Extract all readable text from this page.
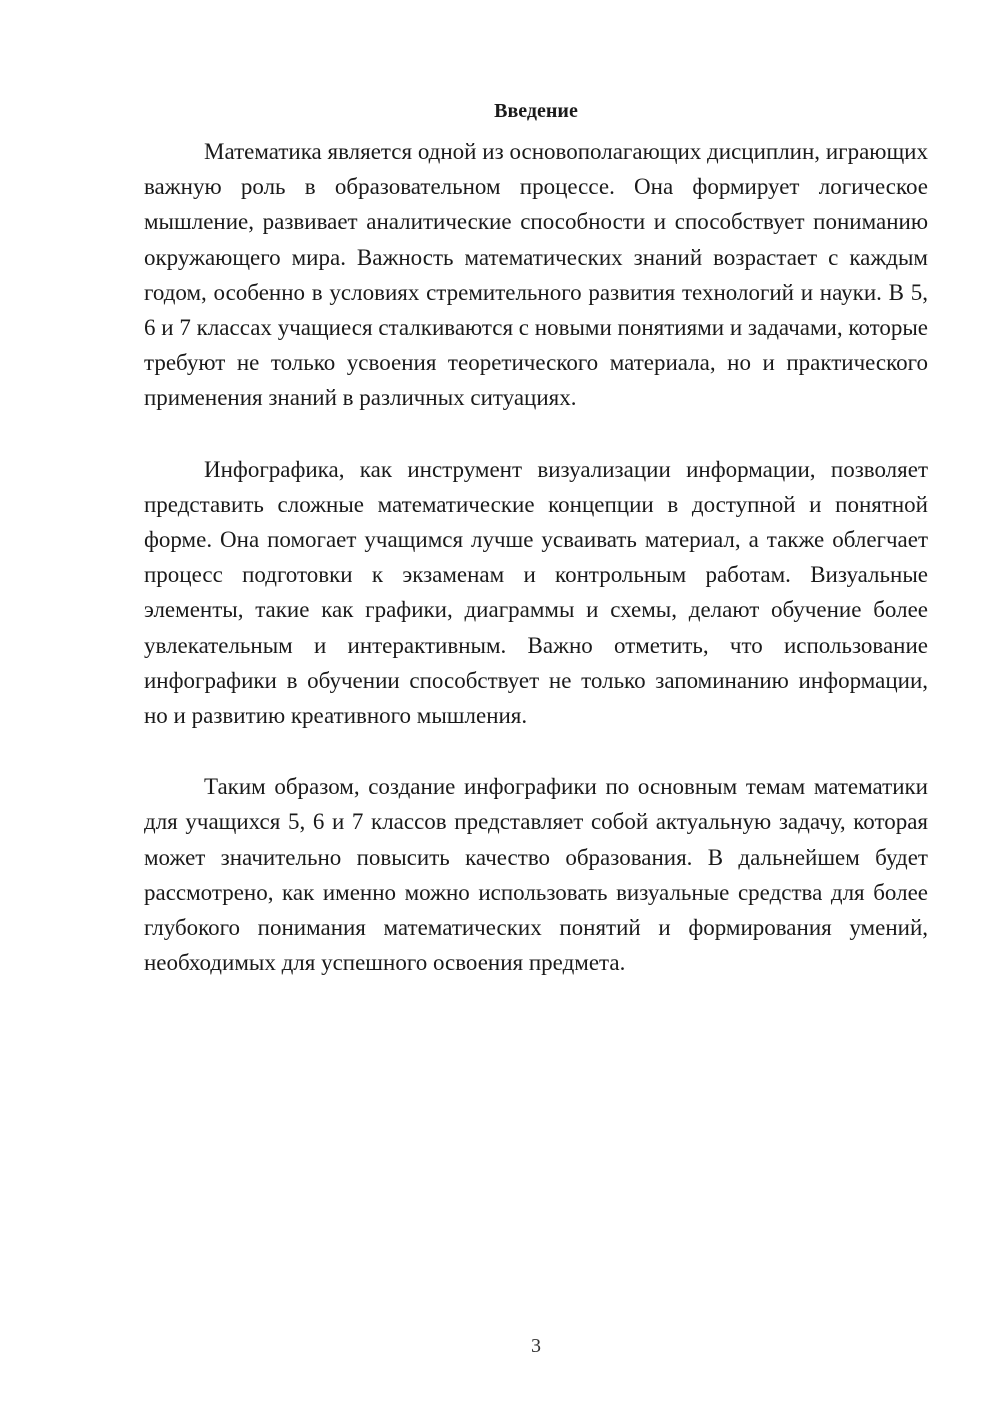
Введение

Математика является одной из основополагающих дисциплин, играющих важную роль в образовательном процессе. Она формирует логическое мышление, развивает аналитические способности и способствует пониманию окружающего мира. Важность математических знаний возрастает с каждым годом, особенно в условиях стремительного развития технологий и науки. В 5, 6 и 7 классах учащиеся сталкиваются с новыми понятиями и задачами, которые требуют не только усвоения теоретического материала, но и практического применения знаний в различных ситуациях.

Инфографика, как инструмент визуализации информации, позволяет представить сложные математические концепции в доступной и понятной форме. Она помогает учащимся лучше усваивать материал, а также облегчает процесс подготовки к экзаменам и контрольным работам. Визуальные элементы, такие как графики, диаграммы и схемы, делают обучение более увлекательным и интерактивным. Важно отметить, что использование инфографики в обучении способствует не только запоминанию информации, но и развитию креативного мышления.

Таким образом, создание инфографики по основным темам математики для учащихся 5, 6 и 7 классов представляет собой актуальную задачу, которая может значительно повысить качество образования. В дальнейшем будет рассмотрено, как именно можно использовать визуальные средства для более глубокого понимания математических понятий и формирования умений, необходимых для успешного освоения предмета.

3
